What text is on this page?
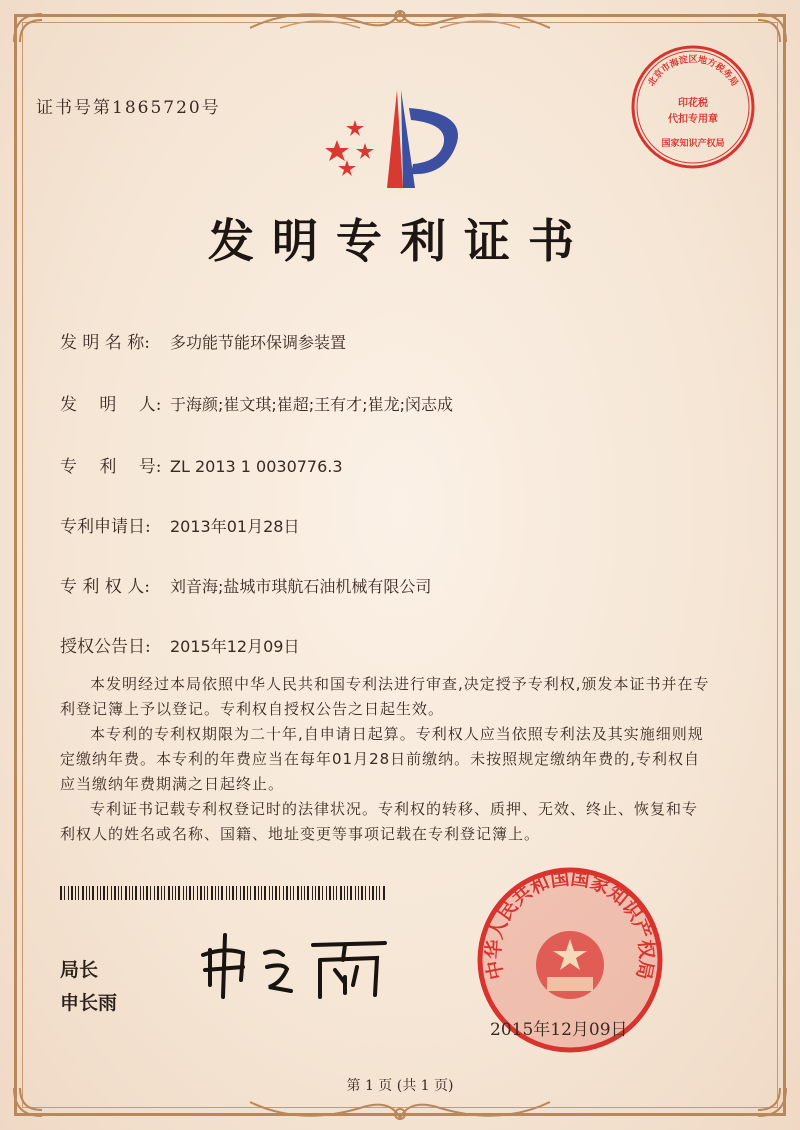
证书号第1865720号
北京市海淀区地方税务局
印花税
代扣专用章
国家知识产权局
发明专利证书
发 明 名 称: 多功能节能环保调参装置
发　 明　 人: 于海颜;崔文琪;崔超;王有才;崔龙;闵志成
专　 利　 号: ZL 2013 1 0030776.3
专利申请日: 2013年01月28日
专 利 权 人: 刘音海;盐城市琪航石油机械有限公司
授权公告日: 2015年12月09日

本发明经过本局依照中华人民共和国专利法进行审查,决定授予专利权,颁发本证书并在专利登记簿上予以登记。专利权自授权公告之日起生效。

本专利的专利权期限为二十年,自申请日起算。专利权人应当依照专利法及其实施细则规定缴纳年费。本专利的年费应当在每年01月28日前缴纳。未按照规定缴纳年费的,专利权自应当缴纳年费期满之日起终止。

专利证书记载专利权登记时的法律状况。专利权的转移、质押、无效、终止、恢复和专利权人的姓名或名称、国籍、地址变更等事项记载在专利登记簿上。

局长
申长雨
中华人民共和国国家知识产权局
2015年12月09日
第 1 页 (共 1 页)
